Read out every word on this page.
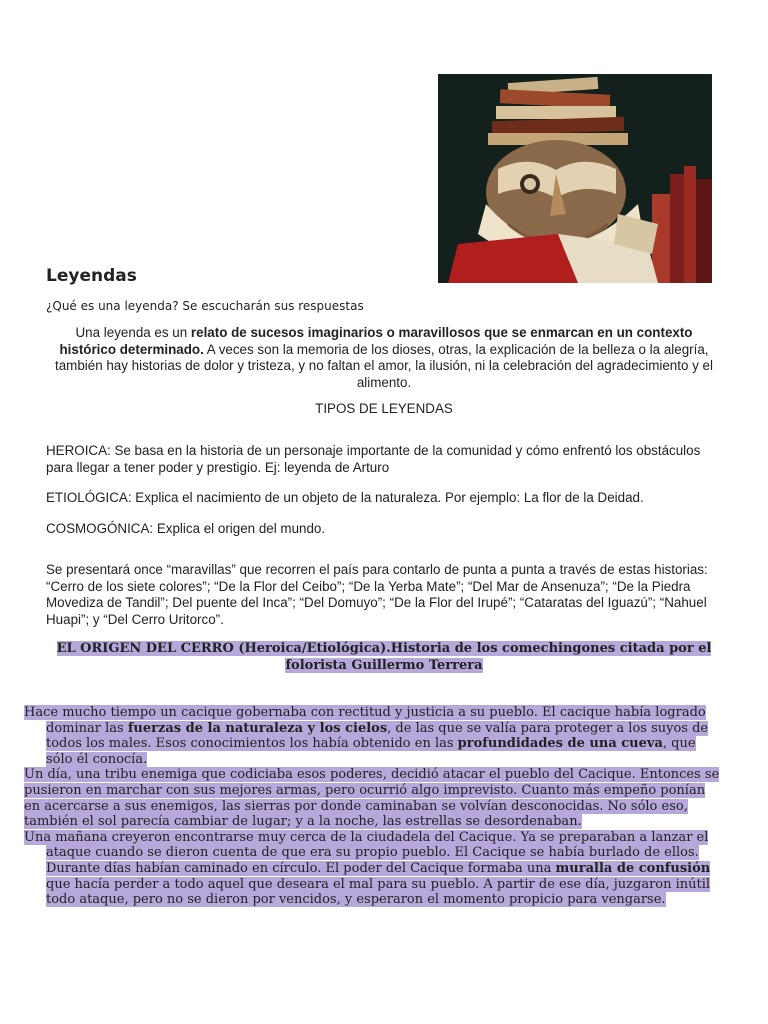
Leyendas

¿Qué es una leyenda? Se escucharán sus respuestas

Una leyenda es un relato de sucesos imaginarios o maravillosos que se enmarcan en un contexto histórico determinado. A veces son la memoria de los dioses, otras, la explicación de la belleza o la alegría, también hay historias de dolor y tristeza, y no faltan el amor, la ilusión, ni la celebración del agradecimiento y el alimento.

TIPOS DE LEYENDAS

HEROICA: Se basa en la historia de un personaje importante de la comunidad y cómo enfrentó los obstáculos para llegar a tener poder y prestigio. Ej: leyenda de Arturo

ETIOLÓGICA: Explica el nacimiento de un objeto de la naturaleza. Por ejemplo: La flor de la Deidad.

COSMOGÓNICA: Explica el origen del mundo.

Se presentará once “maravillas” que recorren el país para contarlo de punta a punta a través de estas historias: “Cerro de los siete colores”; “De la Flor del Ceibo”; “De la Yerba Mate”; “Del Mar de Ansenuza”; “De la Piedra Movediza de Tandil”; Del puente del Inca”; “Del Domuyo”; “De la Flor del Irupé”; “Cataratas del Iguazú”; “Nahuel Huapi”; y “Del Cerro Uritorco”.

EL ORIGEN DEL CERRO (Heroica/Etiológica).Historia de los comechingones citada por el folorista Guillermo Terrera

Hace mucho tiempo un cacique gobernaba con rectitud y justicia a su pueblo. El cacique había logrado dominar las fuerzas de la naturaleza y los cielos, de las que se valía para proteger a los suyos de todos los males. Esos conocimientos los había obtenido en las profundidades de una cueva, que sólo él conocía.

Un día, una tribu enemiga que codiciaba esos poderes, decidió atacar el pueblo del Cacique. Entonces se pusieron en marchar con sus mejores armas, pero ocurrió algo imprevisto. Cuanto más empeño ponían en acercarse a sus enemigos, las sierras por donde caminaban se volvían desconocidas. No sólo eso, también el sol parecía cambiar de lugar; y a la noche, las estrellas se desordenaban.

Una mañana creyeron encontrarse muy cerca de la ciudadela del Cacique. Ya se preparaban a lanzar el ataque cuando se dieron cuenta de que era su propio pueblo. El Cacique se había burlado de ellos. Durante días habían caminado en círculo. El poder del Cacique formaba una muralla de confusión que hacía perder a todo aquel que deseara el mal para su pueblo. A partir de ese día, juzgaron inútil todo ataque, pero no se dieron por vencidos, y esperaron el momento propicio para vengarse.
